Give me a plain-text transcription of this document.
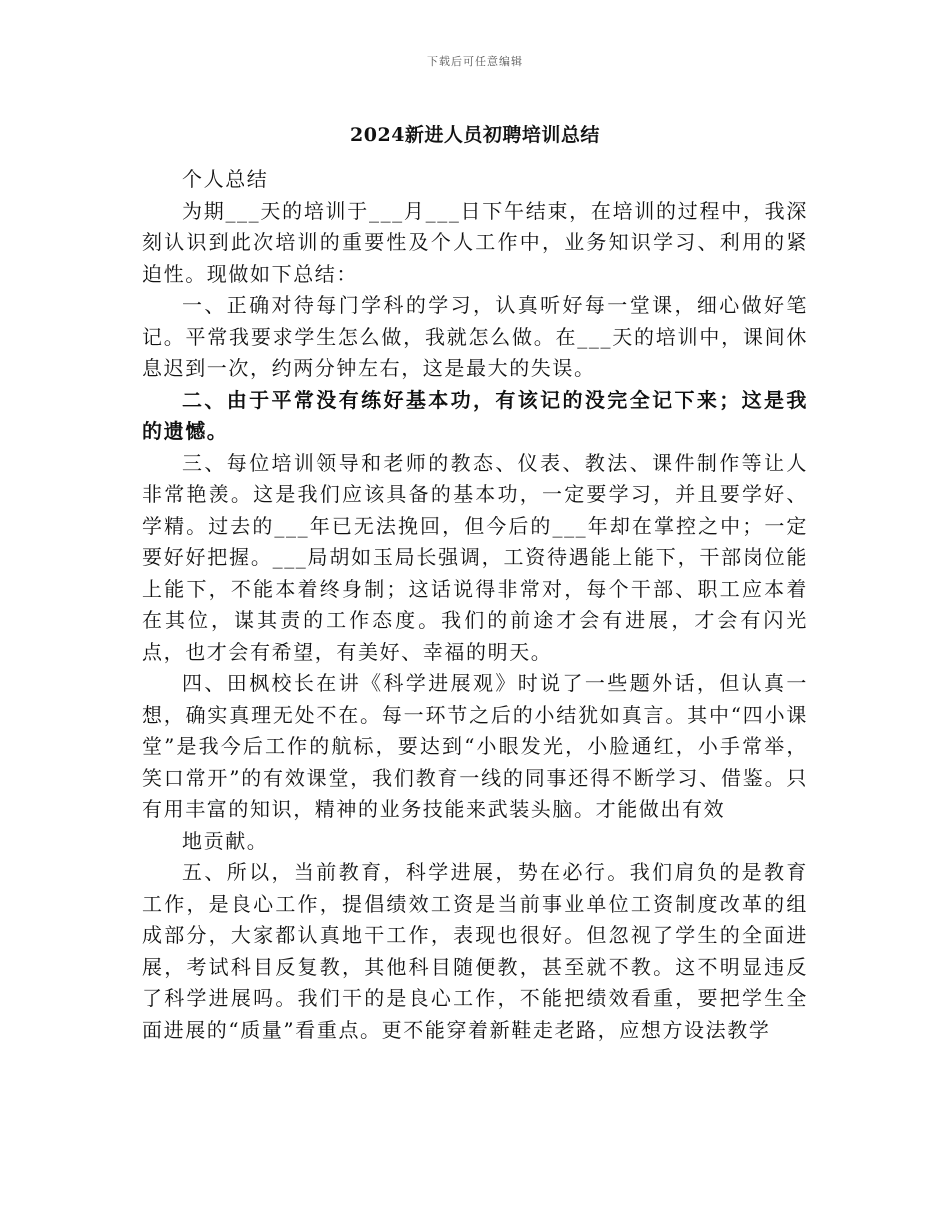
下载后可任意编辑
2024新进人员初聘培训总结

个人总结

为期___天的培训于___月___日下午结束，在培训的过程中，我深刻认识到此次培训的重要性及个人工作中，业务知识学习、利用的紧迫性。现做如下总结：

一、正确对待每门学科的学习，认真听好每一堂课，细心做好笔记。平常我要求学生怎么做，我就怎么做。在___天的培训中，课间休息迟到一次，约两分钟左右，这是最大的失误。

二、由于平常没有练好基本功，有该记的没完全记下来；这是我的遗憾。

三、每位培训领导和老师的教态、仪表、教法、课件制作等让人非常艳羡。这是我们应该具备的基本功，一定要学习，并且要学好、学精。过去的___年已无法挽回，但今后的___年却在掌控之中；一定要好好把握。___局胡如玉局长强调，工资待遇能上能下，干部岗位能上能下，不能本着终身制；这话说得非常对，每个干部、职工应本着在其位，谋其责的工作态度。我们的前途才会有进展，才会有闪光点，也才会有希望，有美好、幸福的明天。

四、田枫校长在讲《科学进展观》时说了一些题外话，但认真一想，确实真理无处不在。每一环节之后的小结犹如真言。其中“四小课堂”是我今后工作的航标，要达到“小眼发光，小脸通红，小手常举，笑口常开”的有效课堂，我们教育一线的同事还得不断学习、借鉴。只有用丰富的知识，精神的业务技能来武装头脑。才能做出有效

地贡献。

五、所以，当前教育，科学进展，势在必行。我们肩负的是教育工作，是良心工作，提倡绩效工资是当前事业单位工资制度改革的组成部分，大家都认真地干工作，表现也很好。但忽视了学生的全面进展，考试科目反复教，其他科目随便教，甚至就不教。这不明显违反了科学进展吗。我们干的是良心工作，不能把绩效看重，要把学生全面进展的“质量”看重点。更不能穿着新鞋走老路，应想方设法教学
